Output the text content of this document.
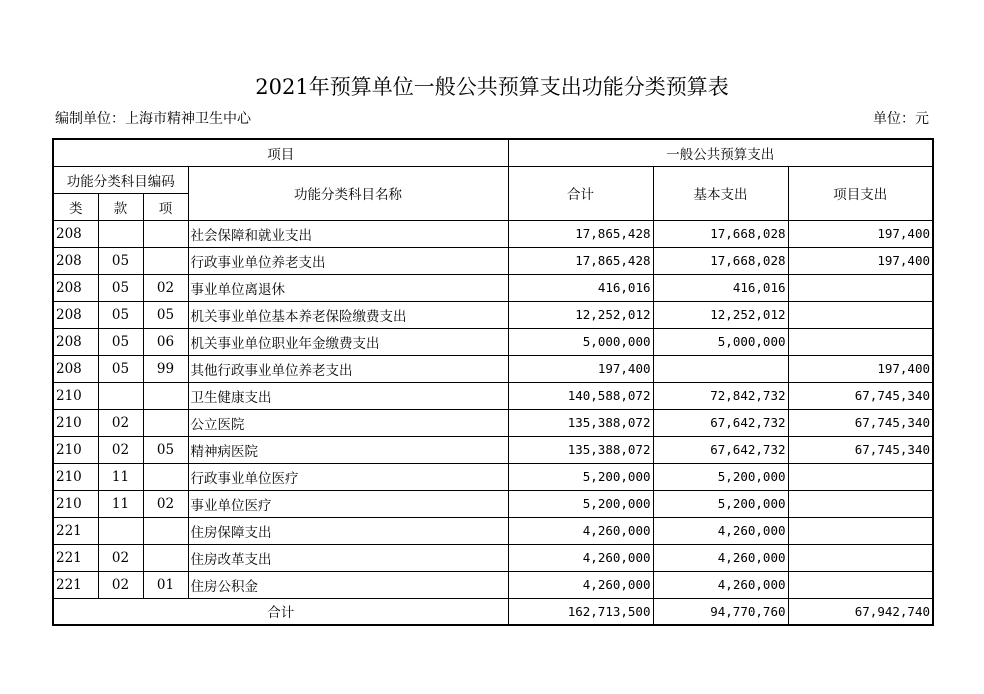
2021年预算单位一般公共预算支出功能分类预算表
编制单位：上海市精神卫生中心	单位：元
项目				一般公共预算支出		
功能分类科目编码			功能分类科目名称	合计	基本支出	项目支出
类	款	项				
208			社会保障和就业支出	17,865,428	17,668,028	197,400
208	05		行政事业单位养老支出	17,865,428	17,668,028	197,400
208	05	02	事业单位离退休	416,016	416,016	
208	05	05	机关事业单位基本养老保险缴费支出	12,252,012	12,252,012	
208	05	06	机关事业单位职业年金缴费支出	5,000,000	5,000,000	
208	05	99	其他行政事业单位养老支出	197,400		197,400
210			卫生健康支出	140,588,072	72,842,732	67,745,340
210	02		公立医院	135,388,072	67,642,732	67,745,340
210	02	05	精神病医院	135,388,072	67,642,732	67,745,340
210	11		行政事业单位医疗	5,200,000	5,200,000	
210	11	02	事业单位医疗	5,200,000	5,200,000	
221			住房保障支出	4,260,000	4,260,000	
221	02		住房改革支出	4,260,000	4,260,000	
221	02	01	住房公积金	4,260,000	4,260,000	
合计				162,713,500	94,770,760	67,942,740
